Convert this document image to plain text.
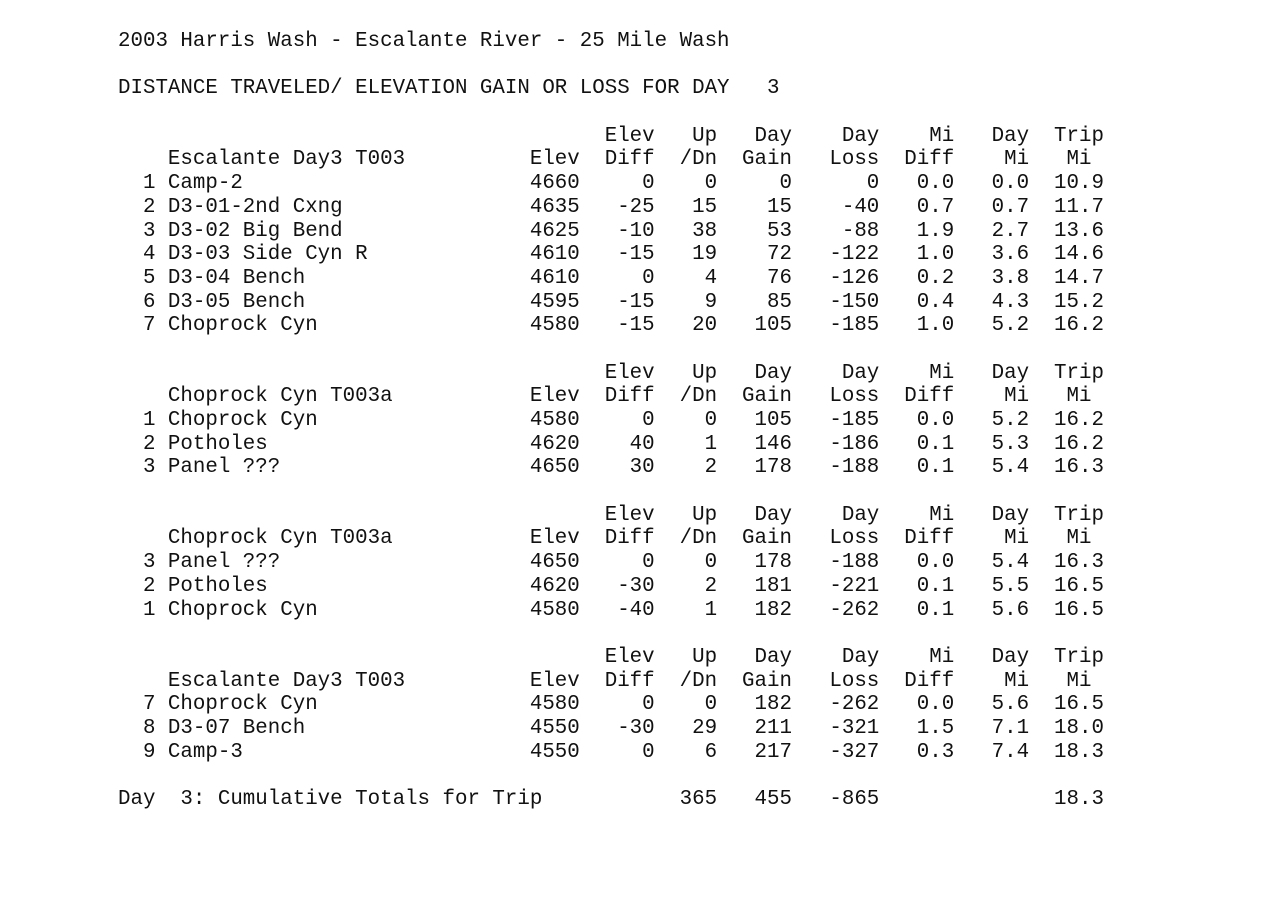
2003 Harris Wash - Escalante River - 25 Mile Wash

DISTANCE TRAVELED/ ELEVATION GAIN OR LOSS FOR DAY   3

Elev   Up   Day    Day    Mi   Day  Trip
Escalante Day3 T003          Elev  Diff  /Dn  Gain   Loss  Diff    Mi   Mi
1 Camp-2                       4660     0    0     0      0   0.0   0.0  10.9
2 D3-01-2nd Cxng               4635   -25   15    15    -40   0.7   0.7  11.7
3 D3-02 Big Bend               4625   -10   38    53    -88   1.9   2.7  13.6
4 D3-03 Side Cyn R             4610   -15   19    72   -122   1.0   3.6  14.6
5 D3-04 Bench                  4610     0    4    76   -126   0.2   3.8  14.7
6 D3-05 Bench                  4595   -15    9    85   -150   0.4   4.3  15.2
7 Choprock Cyn                 4580   -15   20   105   -185   1.0   5.2  16.2

Elev   Up   Day    Day    Mi   Day  Trip
Choprock Cyn T003a           Elev  Diff  /Dn  Gain   Loss  Diff    Mi   Mi
1 Choprock Cyn                 4580     0    0   105   -185   0.0   5.2  16.2
2 Potholes                     4620    40    1   146   -186   0.1   5.3  16.2
3 Panel ???                    4650    30    2   178   -188   0.1   5.4  16.3

Elev   Up   Day    Day    Mi   Day  Trip
Choprock Cyn T003a           Elev  Diff  /Dn  Gain   Loss  Diff    Mi   Mi
3 Panel ???                    4650     0    0   178   -188   0.0   5.4  16.3
2 Potholes                     4620   -30    2   181   -221   0.1   5.5  16.5
1 Choprock Cyn                 4580   -40    1   182   -262   0.1   5.6  16.5

Elev   Up   Day    Day    Mi   Day  Trip
Escalante Day3 T003          Elev  Diff  /Dn  Gain   Loss  Diff    Mi   Mi
7 Choprock Cyn                 4580     0    0   182   -262   0.0   5.6  16.5
8 D3-07 Bench                  4550   -30   29   211   -321   1.5   7.1  18.0
9 Camp-3                       4550     0    6   217   -327   0.3   7.4  18.3

Day  3: Cumulative Totals for Trip           365   455   -865              18.3
